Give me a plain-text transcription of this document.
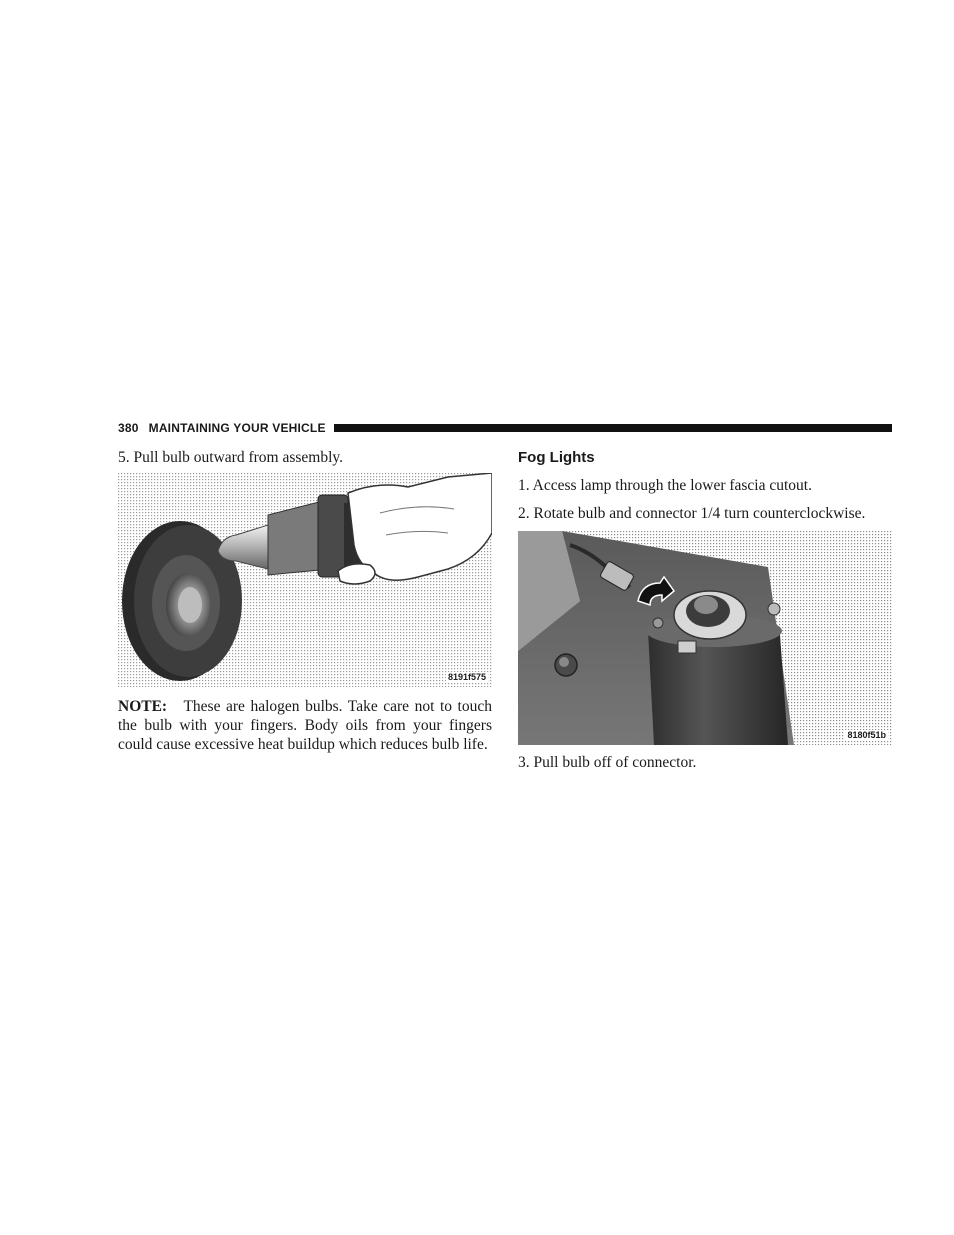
380 MAINTAINING YOUR VEHICLE

5. Pull bulb outward from assembly.

8191f575

NOTE: These are halogen bulbs. Take care not to touch the bulb with your fingers. Body oils from your fingers could cause excessive heat buildup which reduces bulb life.

Fog Lights

1. Access lamp through the lower fascia cutout.

2. Rotate bulb and connector 1/4 turn counterclockwise.

8180f51b

3. Pull bulb off of connector.
